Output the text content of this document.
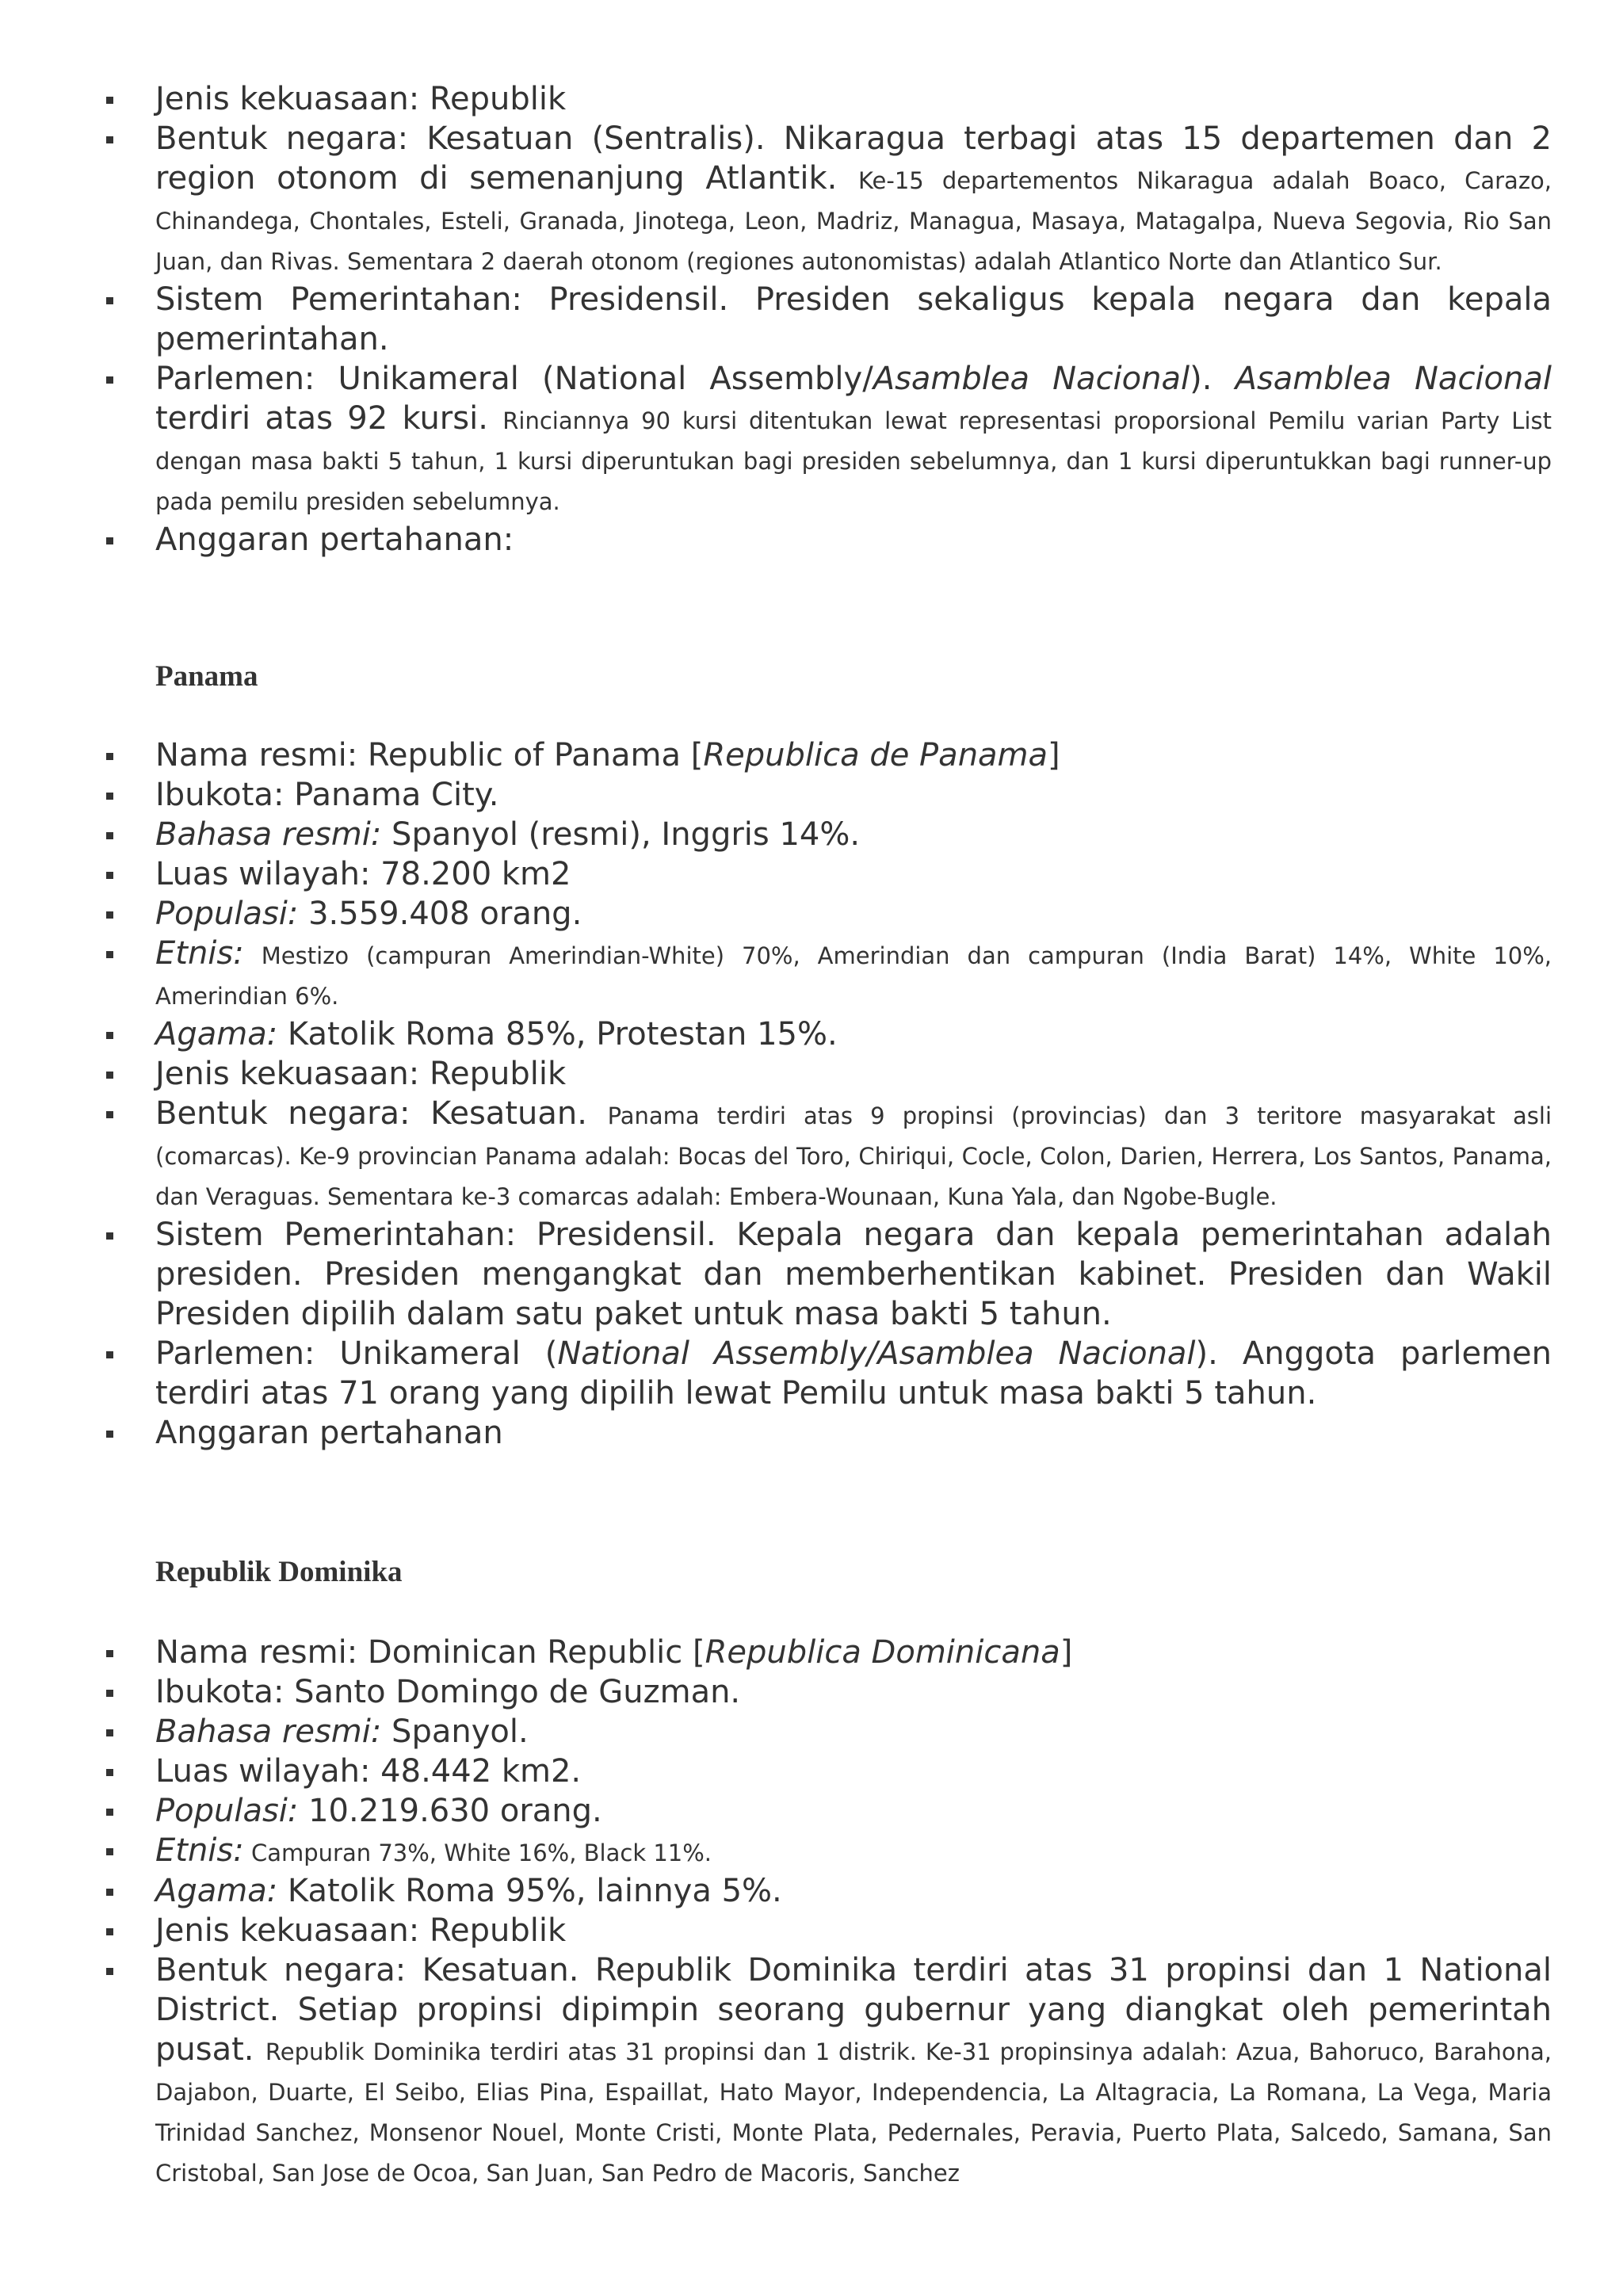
Jenis kekuasaan: Republik
Bentuk negara: Kesatuan (Sentralis). Nikaragua terbagi atas 15 departemen dan 2 region otonom di semenanjung Atlantik. Ke-15 departementos Nikaragua adalah Boaco, Carazo, Chinandega, Chontales, Esteli, Granada, Jinotega, Leon, Madriz, Managua, Masaya, Matagalpa, Nueva Segovia, Rio San Juan, dan Rivas. Sementara 2 daerah otonom (regiones autonomistas) adalah Atlantico Norte dan Atlantico Sur.
Sistem Pemerintahan: Presidensil. Presiden sekaligus kepala negara dan kepala pemerintahan.
Parlemen: Unikameral (National Assembly/Asamblea Nacional). Asamblea Nacional terdiri atas 92 kursi. Rinciannya 90 kursi ditentukan lewat representasi proporsional Pemilu varian Party List dengan masa bakti 5 tahun, 1 kursi diperuntukan bagi presiden sebelumnya, dan 1 kursi diperuntukkan bagi runner-up pada pemilu presiden sebelumnya.
Anggaran pertahanan:
Panama
Nama resmi: Republic of Panama [Republica de Panama]
Ibukota: Panama City.
Bahasa resmi: Spanyol (resmi), Inggris 14%.
Luas wilayah: 78.200 km2
Populasi: 3.559.408 orang.
Etnis: Mestizo (campuran Amerindian-White) 70%, Amerindian dan campuran (India Barat) 14%, White 10%, Amerindian 6%.
Agama: Katolik Roma 85%, Protestan 15%.
Jenis kekuasaan: Republik
Bentuk negara: Kesatuan. Panama terdiri atas 9 propinsi (provincias) dan 3 teritore masyarakat asli (comarcas). Ke-9 provincian Panama adalah: Bocas del Toro, Chiriqui, Cocle, Colon, Darien, Herrera, Los Santos, Panama, dan Veraguas. Sementara ke-3 comarcas adalah: Embera-Wounaan, Kuna Yala, dan Ngobe-Bugle.
Sistem Pemerintahan: Presidensil. Kepala negara dan kepala pemerintahan adalah presiden. Presiden mengangkat dan memberhentikan kabinet. Presiden dan Wakil Presiden dipilih dalam satu paket untuk masa bakti 5 tahun.
Parlemen: Unikameral (National Assembly/Asamblea Nacional). Anggota parlemen terdiri atas 71 orang yang dipilih lewat Pemilu untuk masa bakti 5 tahun.
Anggaran pertahanan
Republik Dominika
Nama resmi: Dominican Republic [Republica Dominicana]
Ibukota: Santo Domingo de Guzman.
Bahasa resmi: Spanyol.
Luas wilayah: 48.442 km2.
Populasi: 10.219.630 orang.
Etnis: Campuran 73%, White 16%, Black 11%.
Agama: Katolik Roma 95%, lainnya 5%.
Jenis kekuasaan: Republik
Bentuk negara: Kesatuan. Republik Dominika terdiri atas 31 propinsi dan 1 National District. Setiap propinsi dipimpin seorang gubernur yang diangkat oleh pemerintah pusat. Republik Dominika terdiri atas 31 propinsi dan 1 distrik. Ke-31 propinsinya adalah: Azua, Bahoruco, Barahona, Dajabon, Duarte, El Seibo, Elias Pina, Espaillat, Hato Mayor, Independencia, La Altagracia, La Romana, La Vega, Maria Trinidad Sanchez, Monsenor Nouel, Monte Cristi, Monte Plata, Pedernales, Peravia, Puerto Plata, Salcedo, Samana, San Cristobal, San Jose de Ocoa, San Juan, San Pedro de Macoris, Sanchez
